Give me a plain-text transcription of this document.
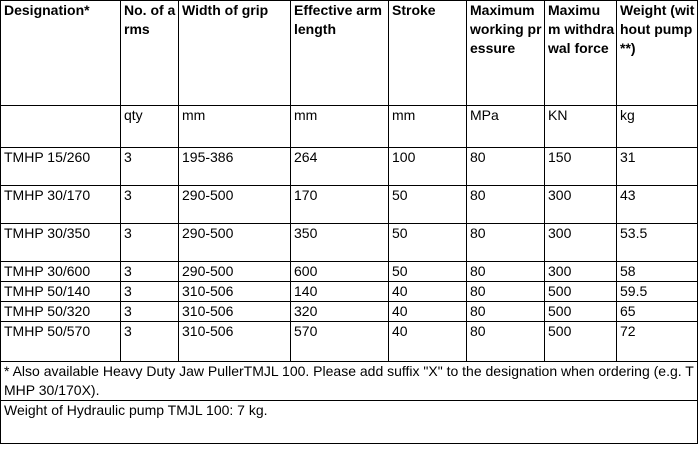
Designation*	No. of arms	Width of grip	Effective arm length	Stroke	Maximum working pressure	Maximu m withdra wal force	Weight (without pump **)
	qty	mm	mm	mm	MPa	KN	kg
TMHP 15/260	3	195-386	264	100	80	150	31
TMHP 30/170	3	290-500	170	50	80	300	43
TMHP 30/350	3	290-500	350	50	80	300	53.5
TMHP 30/600	3	290-500	600	50	80	300	58
TMHP 50/140	3	310-506	140	40	80	500	59.5
TMHP 50/320	3	310-506	320	40	80	500	65
TMHP 50/570	3	310-506	570	40	80	500	72
* Also available Heavy Duty Jaw PullerTMJL 100. Please add suffix "X" to the designation when ordering (e.g. TMHP 30/170X).							
Weight of Hydraulic pump TMJL 100: 7 kg.							
